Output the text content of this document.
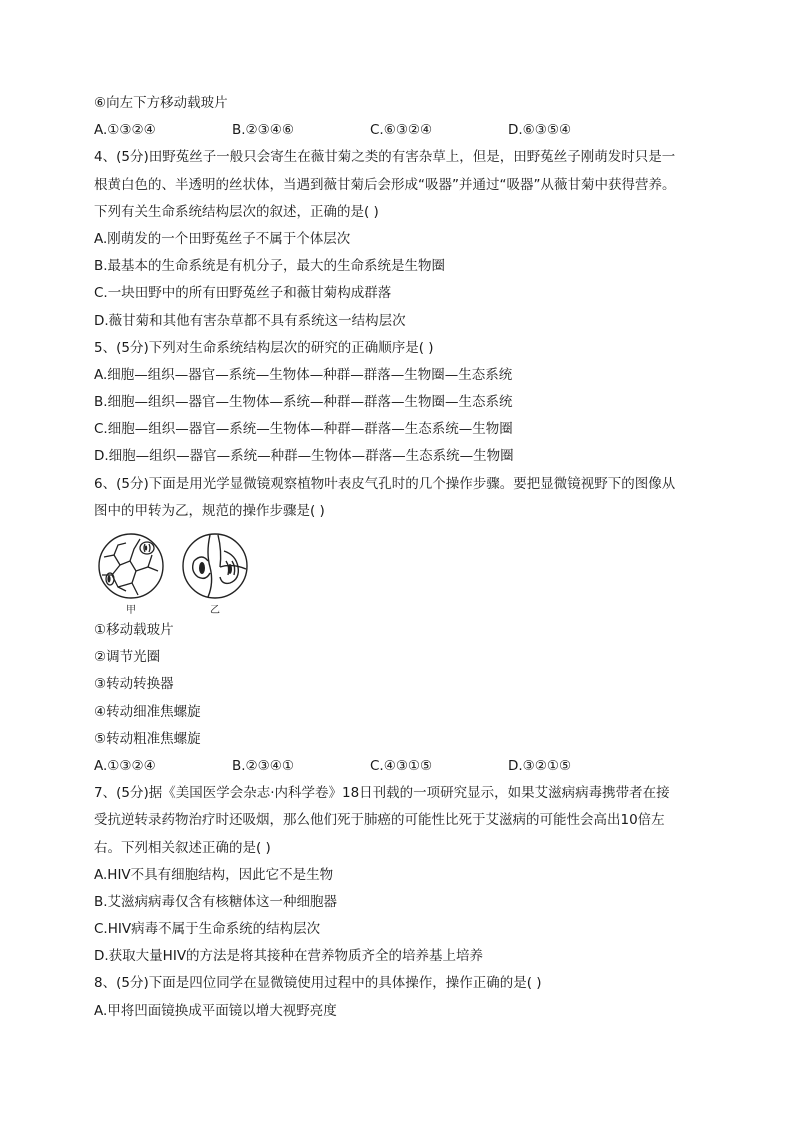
⑥向左下方移动载玻片
A.①③②④	B.②③④⑥	C.⑥③②④	D.⑥③⑤④
4、(5分)田野菟丝子一般只会寄生在薇甘菊之类的有害杂草上，但是，田野菟丝子刚萌发时只是一
根黄白色的、半透明的丝状体，当遇到薇甘菊后会形成“吸器”并通过“吸器”从薇甘菊中获得营养。
下列有关生命系统结构层次的叙述，正确的是( )
A.刚萌发的一个田野菟丝子不属于个体层次
B.最基本的生命系统是有机分子，最大的生命系统是生物圈
C.一块田野中的所有田野菟丝子和薇甘菊构成群落
D.薇甘菊和其他有害杂草都不具有系统这一结构层次
5、(5分)下列对生命系统结构层次的研究的正确顺序是( )
A.细胞—组织—器官—系统—生物体—种群—群落—生物圈—生态系统
B.细胞—组织—器官—生物体—系统—种群—群落—生物圈—生态系统
C.细胞—组织—器官—系统—生物体—种群—群落—生态系统—生物圈
D.细胞—组织—器官—系统—种群—生物体—群落—生态系统—生物圈
6、(5分)下面是用光学显微镜观察植物叶表皮气孔时的几个操作步骤。要把显微镜视野下的图像从
图中的甲转为乙，规范的操作步骤是( )
甲	乙
①移动载玻片
②调节光圈
③转动转换器
④转动细准焦螺旋
⑤转动粗准焦螺旋
A.①③②④	B.②③④①	C.④③①⑤	D.③②①⑤
7、(5分)据《美国医学会杂志·内科学卷》18日刊载的一项研究显示，如果艾滋病病毒携带者在接
受抗逆转录药物治疗时还吸烟，那么他们死于肺癌的可能性比死于艾滋病的可能性会高出10倍左
右。下列相关叙述正确的是( )
A.HIV不具有细胞结构，因此它不是生物
B.艾滋病病毒仅含有核糖体这一种细胞器
C.HIV病毒不属于生命系统的结构层次
D.获取大量HIV的方法是将其接种在营养物质齐全的培养基上培养
8、(5分)下面是四位同学在显微镜使用过程中的具体操作，操作正确的是( )
A.甲将凹面镜换成平面镜以增大视野亮度
